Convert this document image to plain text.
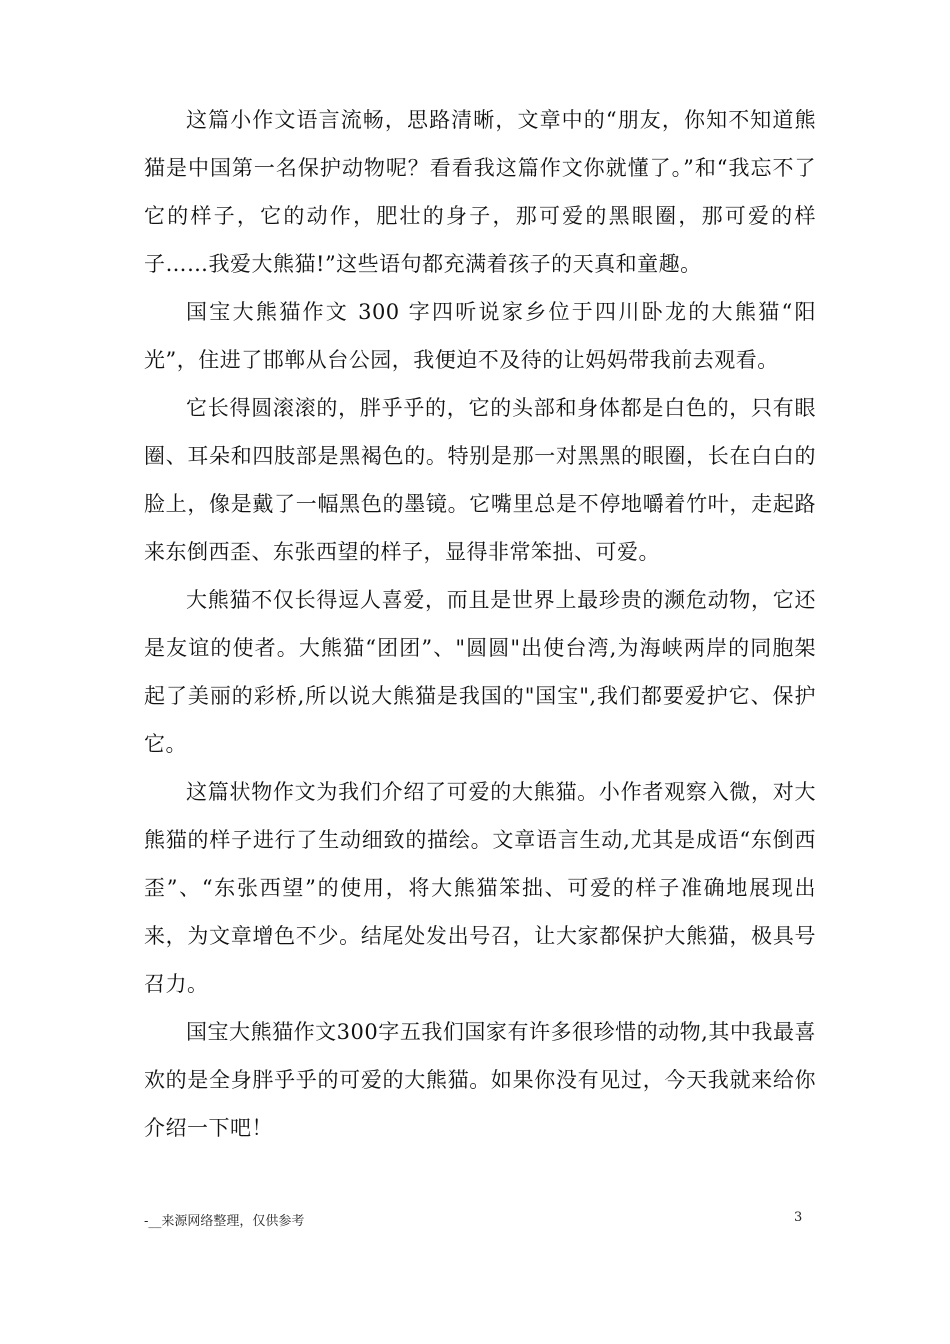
这篇小作文语言流畅，思路清晰，文章中的“朋友，你知不知道熊猫是中国第一名保护动物呢？看看我这篇作文你就懂了。”和“我忘不了它的样子，它的动作，肥壮的身子，那可爱的黑眼圈，那可爱的样子……我爱大熊猫!”这些语句都充满着孩子的天真和童趣。

国宝大熊猫作文 300 字四听说家乡位于四川卧龙的大熊猫“阳光”，住进了邯郸从台公园，我便迫不及待的让妈妈带我前去观看。

它长得圆滚滚的，胖乎乎的，它的头部和身体都是白色的，只有眼圈、耳朵和四肢部是黑褐色的。特别是那一对黑黑的眼圈，长在白白的脸上，像是戴了一幅黑色的墨镜。它嘴里总是不停地嚼着竹叶，走起路来东倒西歪、东张西望的样子，显得非常笨拙、可爱。

大熊猫不仅长得逗人喜爱，而且是世界上最珍贵的濒危动物，它还是友谊的使者。大熊猫“团团”、"圆圆"出使台湾,为海峡两岸的同胞架起了美丽的彩桥,所以说大熊猫是我国的"国宝",我们都要爱护它、保护它。

这篇状物作文为我们介绍了可爱的大熊猫。小作者观察入微，对大熊猫的样子进行了生动细致的描绘。文章语言生动,尤其是成语“东倒西歪”、“东张西望”的使用，将大熊猫笨拙、可爱的样子准确地展现出来，为文章增色不少。结尾处发出号召，让大家都保护大熊猫，极具号召力。

国宝大熊猫作文300字五我们国家有许多很珍惜的动物,其中我最喜欢的是全身胖乎乎的可爱的大熊猫。如果你没有见过，今天我就来给你介绍一下吧！

-__来源网络整理，仅供参考	3
